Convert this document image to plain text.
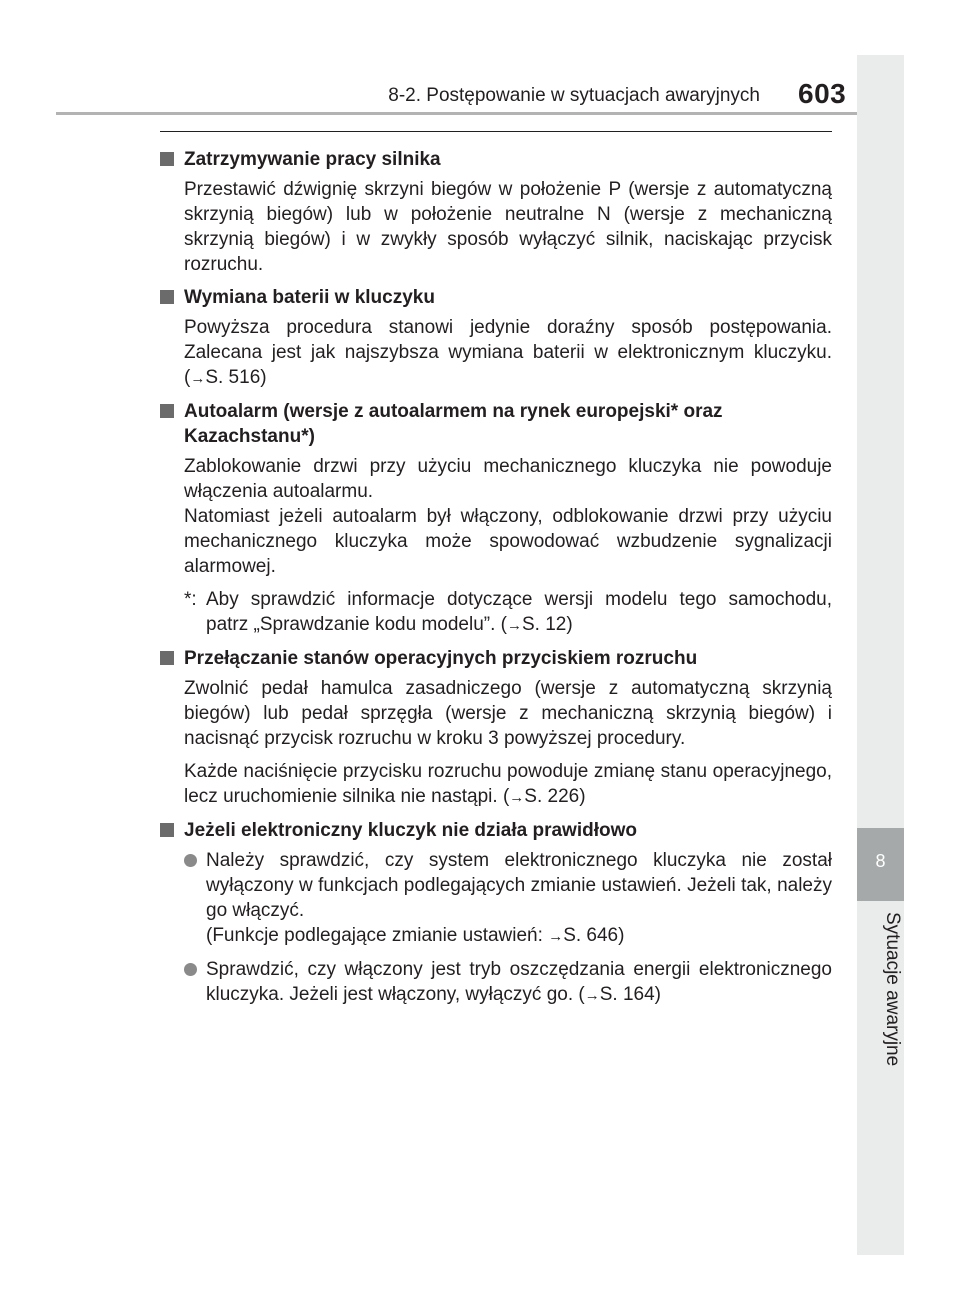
8-2. Postępowanie w sytuacjach awaryjnych 603
8
Sytuacje awaryjne
Zatrzymywanie pracy silnika
Przestawić dźwignię skrzyni biegów w położenie P (wersje z automatyczną skrzynią biegów) lub w położenie neutralne N (wersje z mechaniczną skrzynią biegów) i w zwykły sposób wyłączyć silnik, naciskając przycisk rozruchu.
Wymiana baterii w kluczyku
Powyższa procedura stanowi jedynie doraźny sposób postępowania. Zalecana jest jak najszybsza wymiana baterii w elektronicznym kluczyku. (→S. 516)
Autoalarm (wersje z autoalarmem na rynek europejski* oraz Kazachstanu*)
Zablokowanie drzwi przy użyciu mechanicznego kluczyka nie powoduje włączenia autoalarmu.
Natomiast jeżeli autoalarm był włączony, odblokowanie drzwi przy użyciu mechanicznego kluczyka może spowodować wzbudzenie sygnalizacji alarmowej.
*: Aby sprawdzić informacje dotyczące wersji modelu tego samochodu, patrz „Sprawdzanie kodu modelu”. (→S. 12)
Przełączanie stanów operacyjnych przyciskiem rozruchu
Zwolnić pedał hamulca zasadniczego (wersje z automatyczną skrzynią biegów) lub pedał sprzęgła (wersje z mechaniczną skrzynią biegów) i nacisnąć przycisk rozruchu w kroku 3 powyższej procedury.
Każde naciśnięcie przycisku rozruchu powoduje zmianę stanu operacyjnego, lecz uruchomienie silnika nie nastąpi. (→S. 226)
Jeżeli elektroniczny kluczyk nie działa prawidłowo
Należy sprawdzić, czy system elektronicznego kluczyka nie został wyłączony w funkcjach podlegających zmianie ustawień. Jeżeli tak, należy go włączyć.
(Funkcje podlegające zmianie ustawień: →S. 646)
Sprawdzić, czy włączony jest tryb oszczędzania energii elektronicznego kluczyka. Jeżeli jest włączony, wyłączyć go. (→S. 164)
